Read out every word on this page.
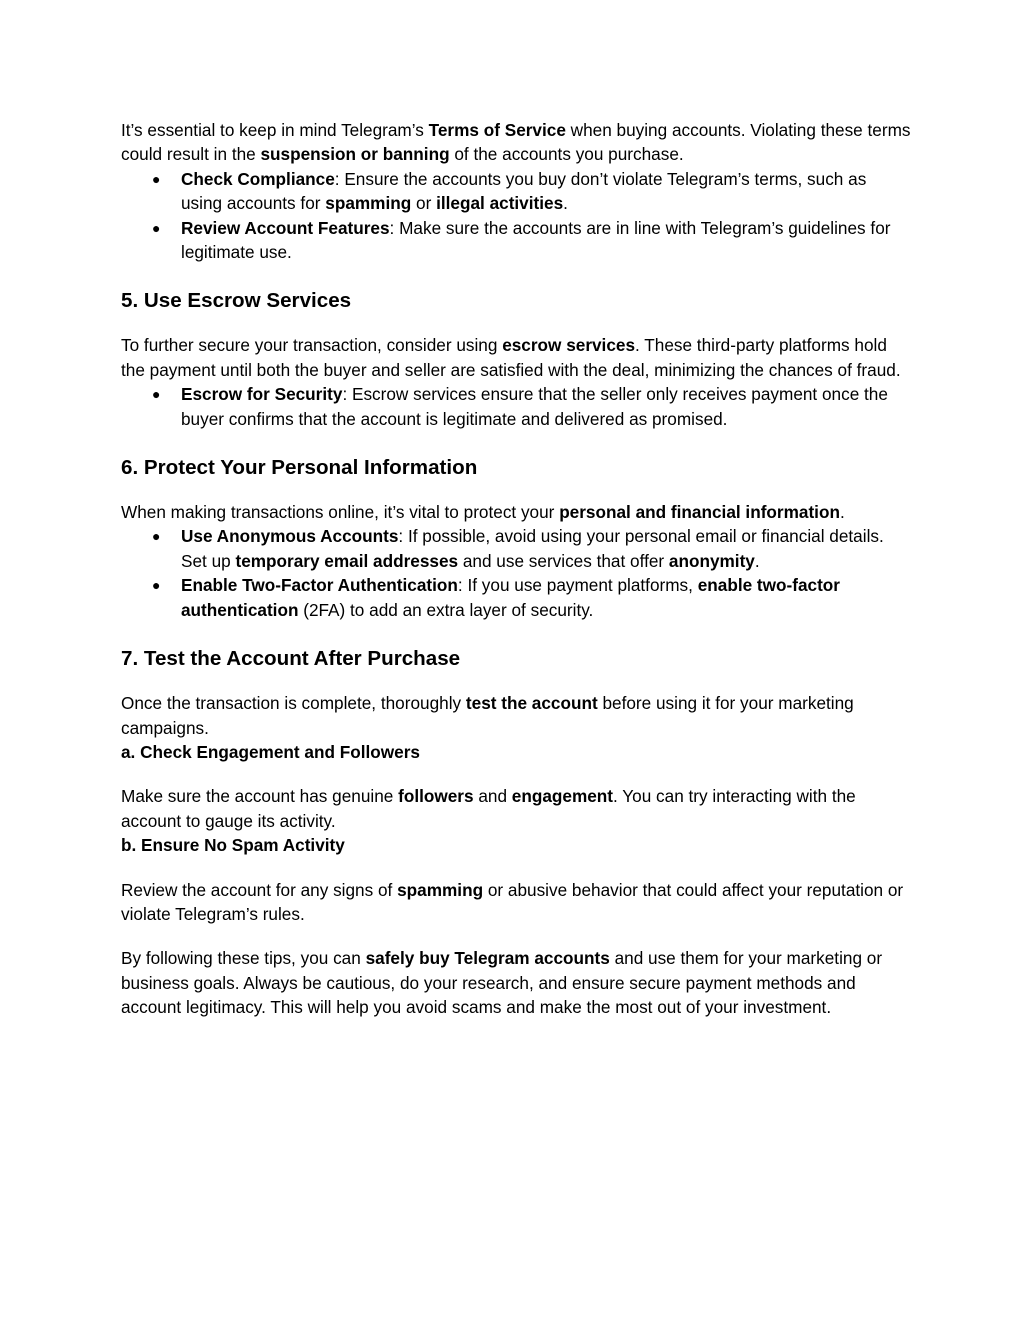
It’s essential to keep in mind Telegram’s Terms of Service when buying accounts. Violating these terms could result in the suspension or banning of the accounts you purchase.

● Check Compliance: Ensure the accounts you buy don’t violate Telegram’s terms, such as using accounts for spamming or illegal activities.
● Review Account Features: Make sure the accounts are in line with Telegram’s guidelines for legitimate use.
5. Use Escrow Services

To further secure your transaction, consider using escrow services. These third-party platforms hold the payment until both the buyer and seller are satisfied with the deal, minimizing the chances of fraud.

● Escrow for Security: Escrow services ensure that the seller only receives payment once the buyer confirms that the account is legitimate and delivered as promised.
6. Protect Your Personal Information

When making transactions online, it’s vital to protect your personal and financial information.

● Use Anonymous Accounts: If possible, avoid using your personal email or financial details. Set up temporary email addresses and use services that offer anonymity.
● Enable Two-Factor Authentication: If you use payment platforms, enable two-factor authentication (2FA) to add an extra layer of security.
7. Test the Account After Purchase

Once the transaction is complete, thoroughly test the account before using it for your marketing campaigns.

a. Check Engagement and Followers

Make sure the account has genuine followers and engagement. You can try interacting with the account to gauge its activity.

b. Ensure No Spam Activity

Review the account for any signs of spamming or abusive behavior that could affect your reputation or violate Telegram’s rules.

By following these tips, you can safely buy Telegram accounts and use them for your marketing or business goals. Always be cautious, do your research, and ensure secure payment methods and account legitimacy. This will help you avoid scams and make the most out of your investment.
